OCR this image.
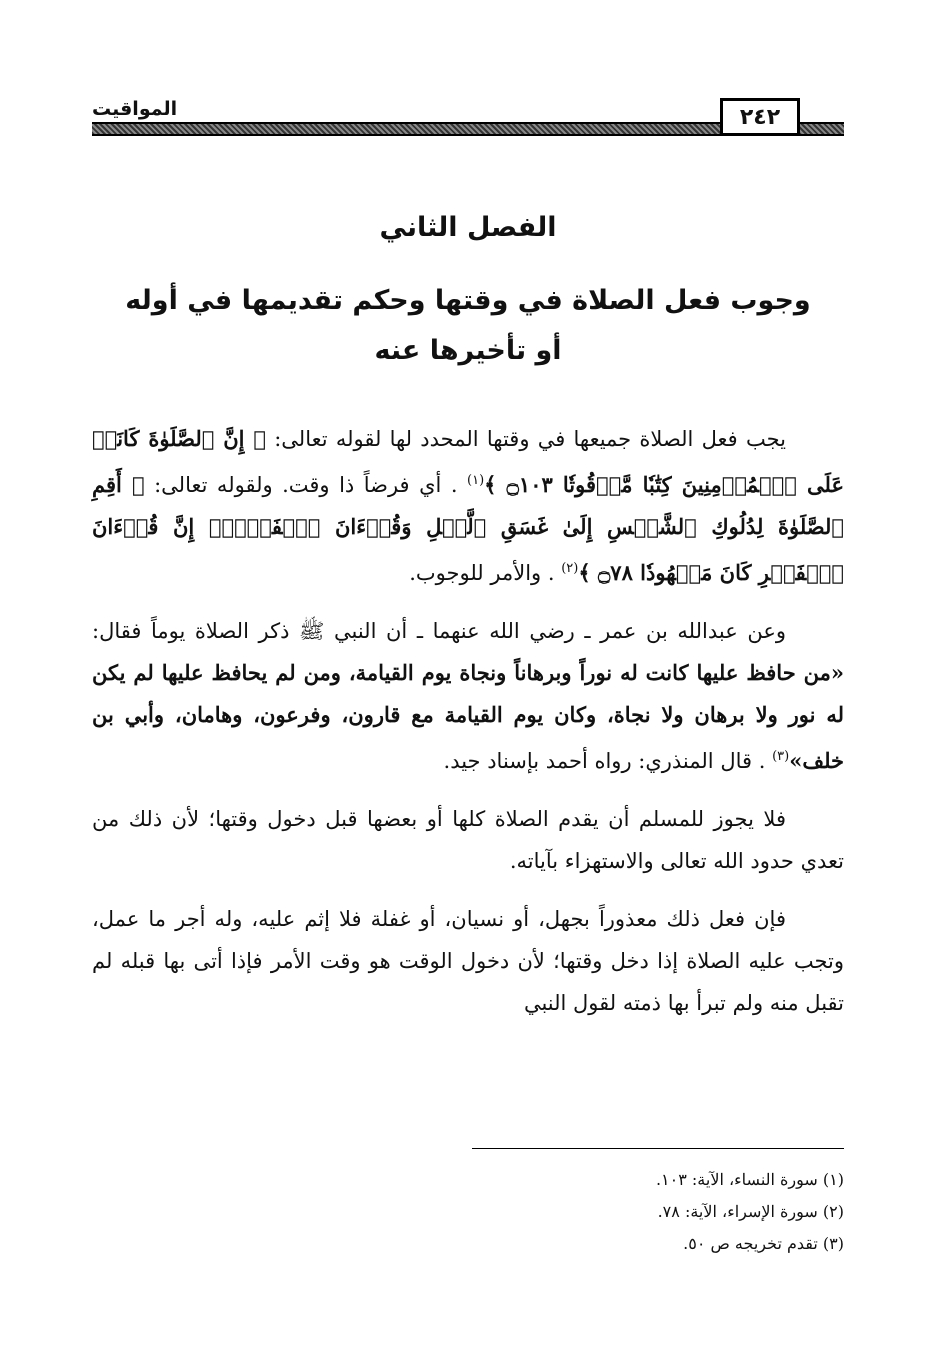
المواقيت	٢٤٢
الفصل الثاني
وجوب فعل الصلاة في وقتها وحكم تقديمها في أوله
أو تأخيرها عنه

يجب فعل الصلاة جميعها في وقتها المحدد لها لقوله تعالى: ﴿ إِنَّ ٱلصَّلَوٰةَ كَانَتۡ عَلَى ٱلۡمُؤۡمِنِينَ كِتَٰبٗا مَّوۡقُوتٗا ۝١٠٣ ﴾$^{(١)}$ . أي فرضاً ذا وقت. ولقوله تعالى: ﴿ أَقِمِ ٱلصَّلَوٰةَ لِدُلُوكِ ٱلشَّمۡسِ إِلَىٰ غَسَقِ ٱلَّيۡلِ وَقُرۡءَانَ ٱلۡفَجۡرِۖ إِنَّ قُرۡءَانَ ٱلۡفَجۡرِ كَانَ مَشۡهُودٗا ۝٧٨ ﴾$^{(٢)}$ . والأمر للوجوب.

وعن عبدالله بن عمر ـ رضي الله عنهما ـ أن النبي ﷺ ذكر الصلاة يوماً فقال: «من حافظ عليها كانت له نوراً وبرهاناً ونجاة يوم القيامة، ومن لم يحافظ عليها لم يكن له نور ولا برهان ولا نجاة، وكان يوم القيامة مع قارون، وفرعون، وهامان، وأبي بن خلف»$^{(٣)}$ . قال المنذري: رواه أحمد بإسناد جيد.

فلا يجوز للمسلم أن يقدم الصلاة كلها أو بعضها قبل دخول وقتها؛ لأن ذلك من تعدي حدود الله تعالى والاستهزاء بآياته.

فإن فعل ذلك معذوراً بجهل، أو نسيان، أو غفلة فلا إثم عليه، وله أجر ما عمل، وتجب عليه الصلاة إذا دخل وقتها؛ لأن دخول الوقت هو وقت الأمر فإذا أتى بها قبله لم تقبل منه ولم تبرأ بها ذمته لقول النبي

(١) سورة النساء، الآية: ١٠٣.

(٢) سورة الإسراء، الآية: ٧٨.

(٣) تقدم تخريجه ص ٥٠.
